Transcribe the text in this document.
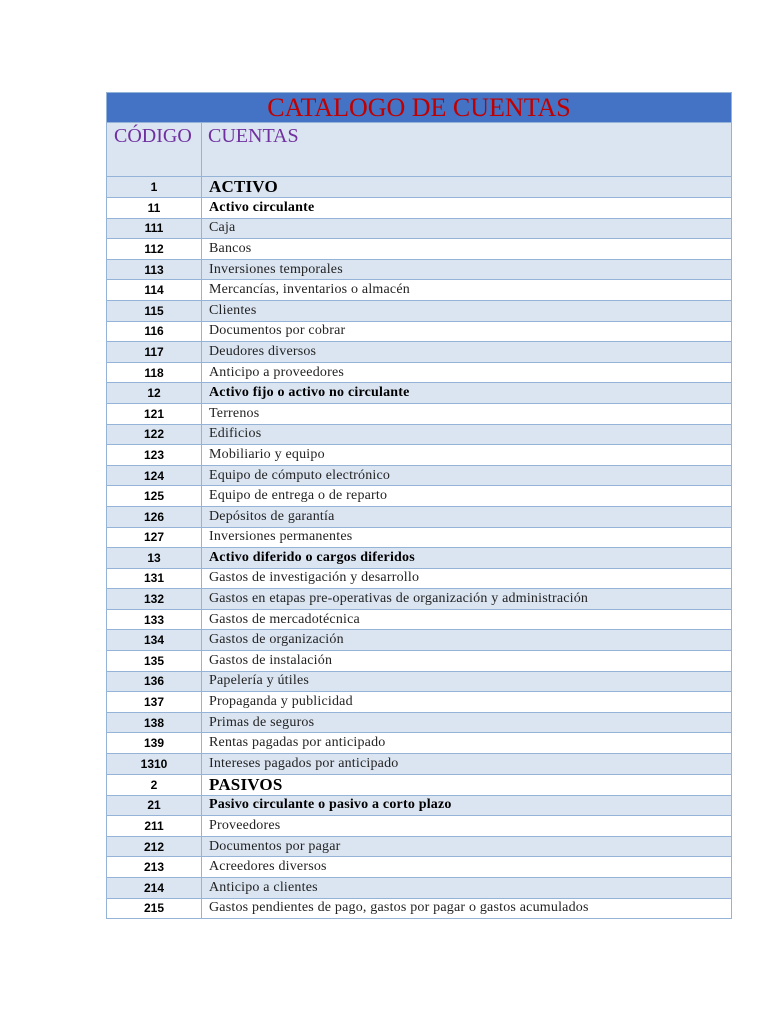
CATALOGO DE CUENTAS	
CÓDIGO	CUENTAS
1	ACTIVO
11	Activo circulante
111	Caja
112	Bancos
113	Inversiones temporales
114	Mercancías, inventarios o almacén
115	Clientes
116	Documentos por cobrar
117	Deudores diversos
118	Anticipo a proveedores
12	Activo fijo o activo no circulante
121	Terrenos
122	Edificios
123	Mobiliario y equipo
124	Equipo de cómputo electrónico
125	Equipo de entrega o de reparto
126	Depósitos de garantía
127	Inversiones permanentes
13	Activo diferido o cargos diferidos
131	Gastos de investigación y desarrollo
132	Gastos en etapas pre-operativas de organización y administración
133	Gastos de mercadotécnica
134	Gastos de organización
135	Gastos de instalación
136	Papelería y útiles
137	Propaganda y publicidad
138	Primas de seguros
139	Rentas pagadas por anticipado
1310	Intereses pagados por anticipado
2	PASIVOS
21	Pasivo circulante o pasivo a corto plazo
211	Proveedores
212	Documentos por pagar
213	Acreedores diversos
214	Anticipo a clientes
215	Gastos pendientes de pago, gastos por pagar o gastos acumulados
